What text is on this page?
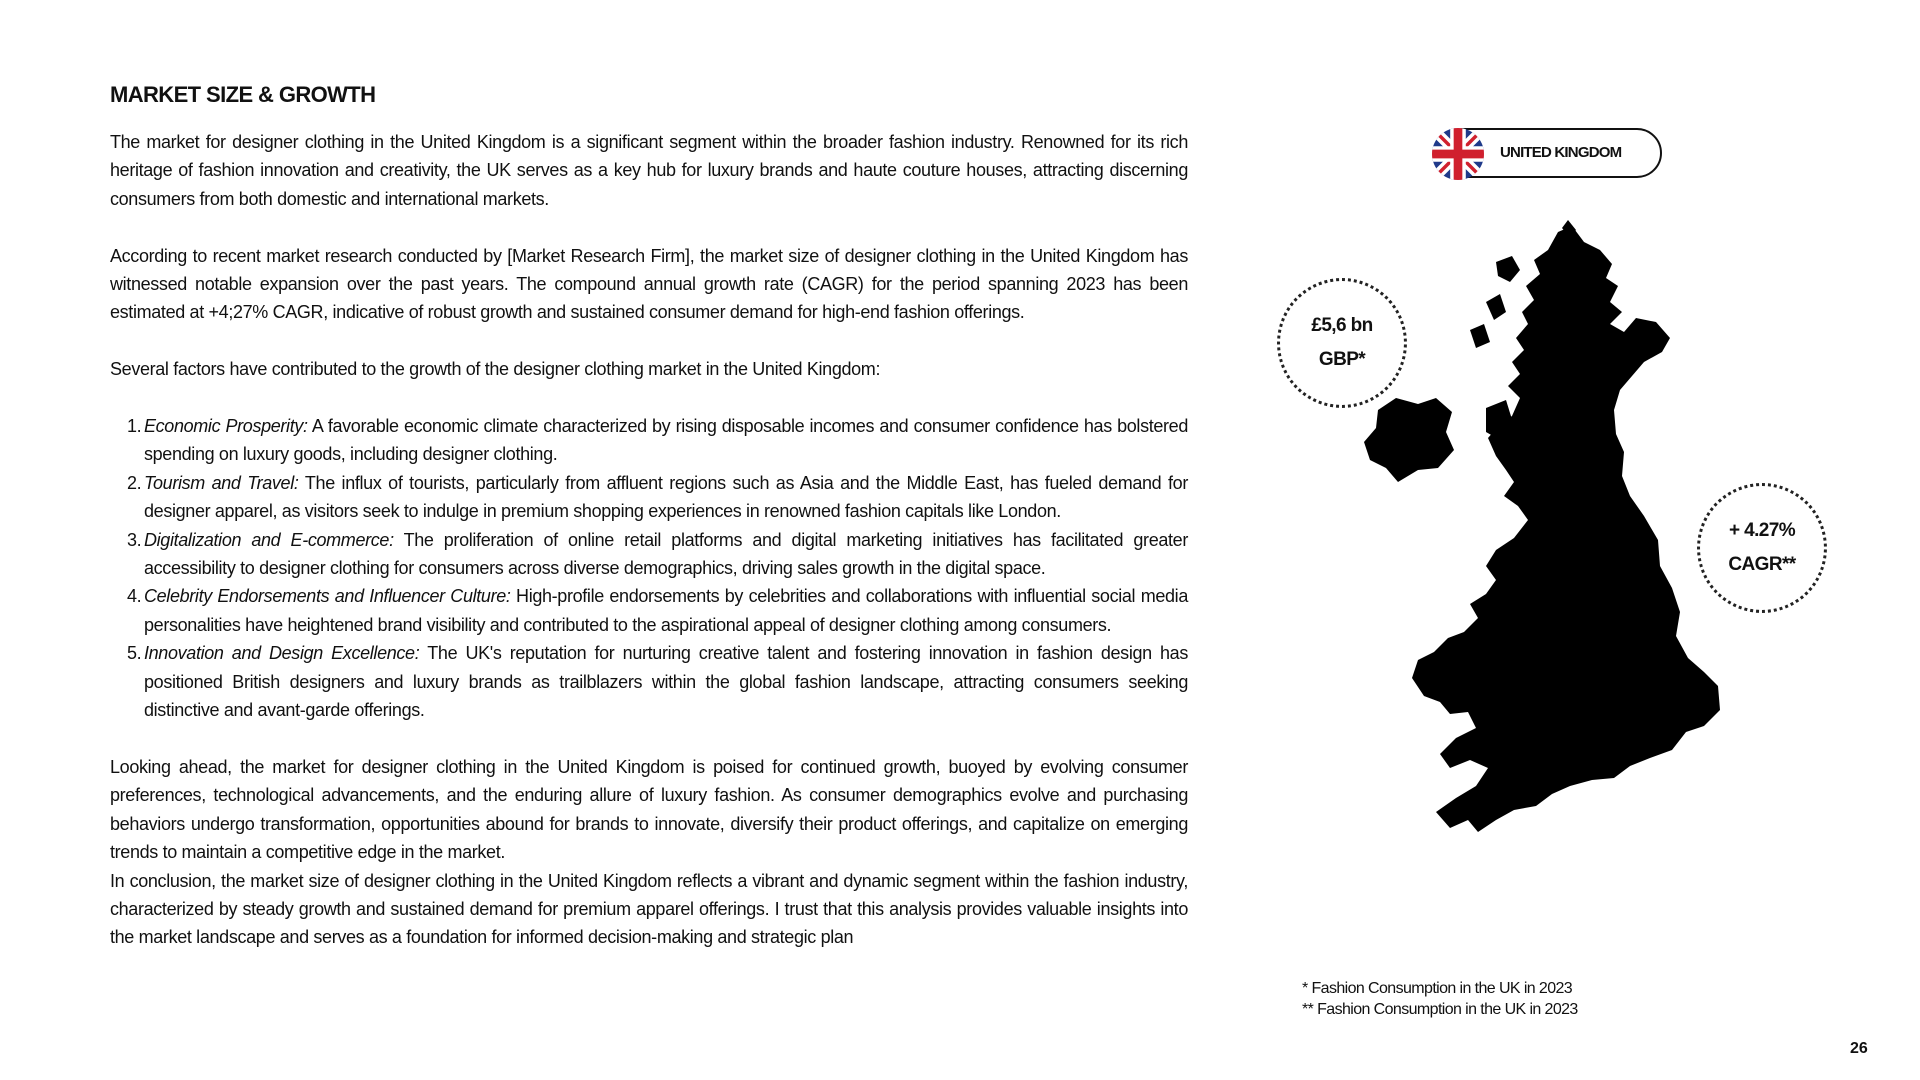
MARKET SIZE & GROWTH

The market for designer clothing in the United Kingdom is a significant segment within the broader fashion industry. Renowned for its rich heritage of fashion innovation and creativity, the UK serves as a key hub for luxury brands and haute couture houses, attracting discerning consumers from both domestic and international markets.

According to recent market research conducted by [Market Research Firm], the market size of designer clothing in the United Kingdom has witnessed notable expansion over the past years. The compound annual growth rate (CAGR) for the period spanning 2023 has been estimated at +4;27% CAGR, indicative of robust growth and sustained consumer demand for high-end fashion offerings.

Several factors have contributed to the growth of the designer clothing market in the United Kingdom:

1. Economic Prosperity: A favorable economic climate characterized by rising disposable incomes and consumer confidence has bolstered spending on luxury goods, including designer clothing.
2. Tourism and Travel: The influx of tourists, particularly from affluent regions such as Asia and the Middle East, has fueled demand for designer apparel, as visitors seek to indulge in premium shopping experiences in renowned fashion capitals like London.
3. Digitalization and E-commerce: The proliferation of online retail platforms and digital marketing initiatives has facilitated greater accessibility to designer clothing for consumers across diverse demographics, driving sales growth in the digital space.
4. Celebrity Endorsements and Influencer Culture: High-profile endorsements by celebrities and collaborations with influential social media personalities have heightened brand visibility and contributed to the aspirational appeal of designer clothing among consumers.
5. Innovation and Design Excellence: The UK's reputation for nurturing creative talent and fostering innovation in fashion design has positioned British designers and luxury brands as trailblazers within the global fashion landscape, attracting consumers seeking distinctive and avant-garde offerings.

Looking ahead, the market for designer clothing in the United Kingdom is poised for continued growth, buoyed by evolving consumer preferences, technological advancements, and the enduring allure of luxury fashion. As consumer demographics evolve and purchasing behaviors undergo transformation, opportunities abound for brands to innovate, diversify their product offerings, and capitalize on emerging trends to maintain a competitive edge in the market.

In conclusion, the market size of designer clothing in the United Kingdom reflects a vibrant and dynamic segment within the fashion industry, characterized by steady growth and sustained demand for premium apparel offerings. I trust that this analysis provides valuable insights into the market landscape and serves as a foundation for informed decision-making and strategic plan

UNITED KINGDOM
£5,6 bn
GBP*
+ 4.27%
CAGR**
* Fashion Consumption in the UK in 2023
** Fashion Consumption in the UK in 2023
26
